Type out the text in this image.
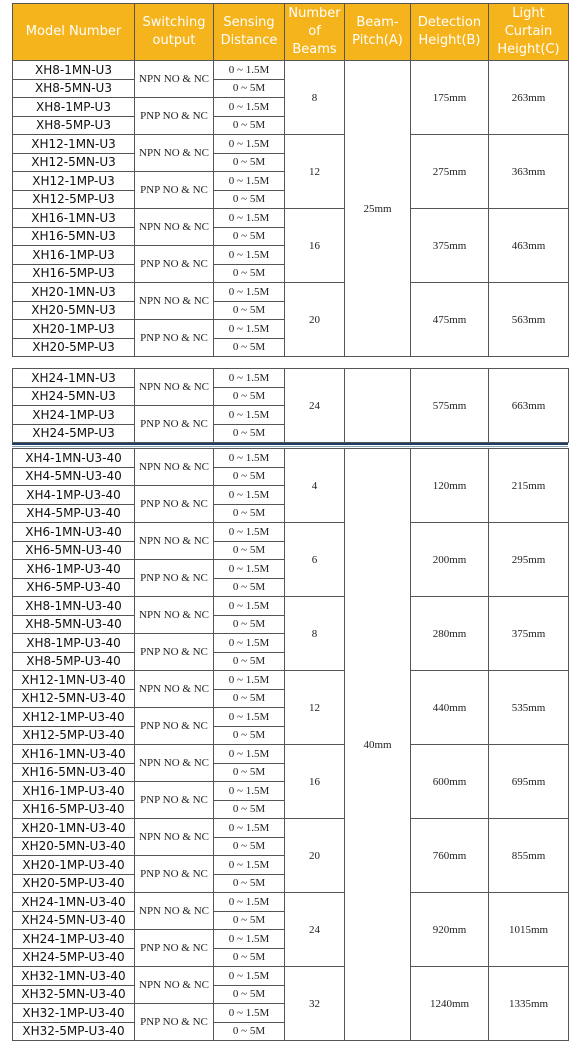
Model Number	Switching output	Sensing Distance	Number of Beams	Beam-Pitch(A)	Detection Height(B)	Light Curtain Height(C)
XH8-1MN-U3	NPN NO & NC	0 ~ 1.5M	8	25mm	175mm	263mm
XH8-5MN-U3		0 ~ 5M				
XH8-1MP-U3	PNP NO & NC	0 ~ 1.5M				
XH8-5MP-U3		0 ~ 5M				
XH12-1MN-U3	NPN NO & NC	0 ~ 1.5M	12		275mm	363mm
XH12-5MN-U3		0 ~ 5M				
XH12-1MP-U3	PNP NO & NC	0 ~ 1.5M				
XH12-5MP-U3		0 ~ 5M				
XH16-1MN-U3	NPN NO & NC	0 ~ 1.5M	16		375mm	463mm
XH16-5MN-U3		0 ~ 5M				
XH16-1MP-U3	PNP NO & NC	0 ~ 1.5M				
XH16-5MP-U3		0 ~ 5M				
XH20-1MN-U3	NPN NO & NC	0 ~ 1.5M	20		475mm	563mm
XH20-5MN-U3		0 ~ 5M				
XH20-1MP-U3	PNP NO & NC	0 ~ 1.5M				
XH20-5MP-U3		0 ~ 5M				
XH24-1MN-U3	NPN NO & NC	0 ~ 1.5M	24		575mm	663mm
XH24-5MN-U3		0 ~ 5M				
XH24-1MP-U3	PNP NO & NC	0 ~ 1.5M				
XH24-5MP-U3		0 ~ 5M				
XH4-1MN-U3-40	NPN NO & NC	0 ~ 1.5M	4	40mm	120mm	215mm
XH4-5MN-U3-40		0 ~ 5M				
XH4-1MP-U3-40	PNP NO & NC	0 ~ 1.5M				
XH4-5MP-U3-40		0 ~ 5M				
XH6-1MN-U3-40	NPN NO & NC	0 ~ 1.5M	6		200mm	295mm
XH6-5MN-U3-40		0 ~ 5M				
XH6-1MP-U3-40	PNP NO & NC	0 ~ 1.5M				
XH6-5MP-U3-40		0 ~ 5M				
XH8-1MN-U3-40	NPN NO & NC	0 ~ 1.5M	8		280mm	375mm
XH8-5MN-U3-40		0 ~ 5M				
XH8-1MP-U3-40	PNP NO & NC	0 ~ 1.5M				
XH8-5MP-U3-40		0 ~ 5M				
XH12-1MN-U3-40	NPN NO & NC	0 ~ 1.5M	12		440mm	535mm
XH12-5MN-U3-40		0 ~ 5M				
XH12-1MP-U3-40	PNP NO & NC	0 ~ 1.5M				
XH12-5MP-U3-40		0 ~ 5M				
XH16-1MN-U3-40	NPN NO & NC	0 ~ 1.5M	16		600mm	695mm
XH16-5MN-U3-40		0 ~ 5M				
XH16-1MP-U3-40	PNP NO & NC	0 ~ 1.5M				
XH16-5MP-U3-40		0 ~ 5M				
XH20-1MN-U3-40	NPN NO & NC	0 ~ 1.5M	20		760mm	855mm
XH20-5MN-U3-40		0 ~ 5M				
XH20-1MP-U3-40	PNP NO & NC	0 ~ 1.5M				
XH20-5MP-U3-40		0 ~ 5M				
XH24-1MN-U3-40	NPN NO & NC	0 ~ 1.5M	24		920mm	1015mm
XH24-5MN-U3-40		0 ~ 5M				
XH24-1MP-U3-40	PNP NO & NC	0 ~ 1.5M				
XH24-5MP-U3-40		0 ~ 5M				
XH32-1MN-U3-40	NPN NO & NC	0 ~ 1.5M	32		1240mm	1335mm
XH32-5MN-U3-40		0 ~ 5M				
XH32-1MP-U3-40	PNP NO & NC	0 ~ 1.5M				
XH32-5MP-U3-40		0 ~ 5M				
